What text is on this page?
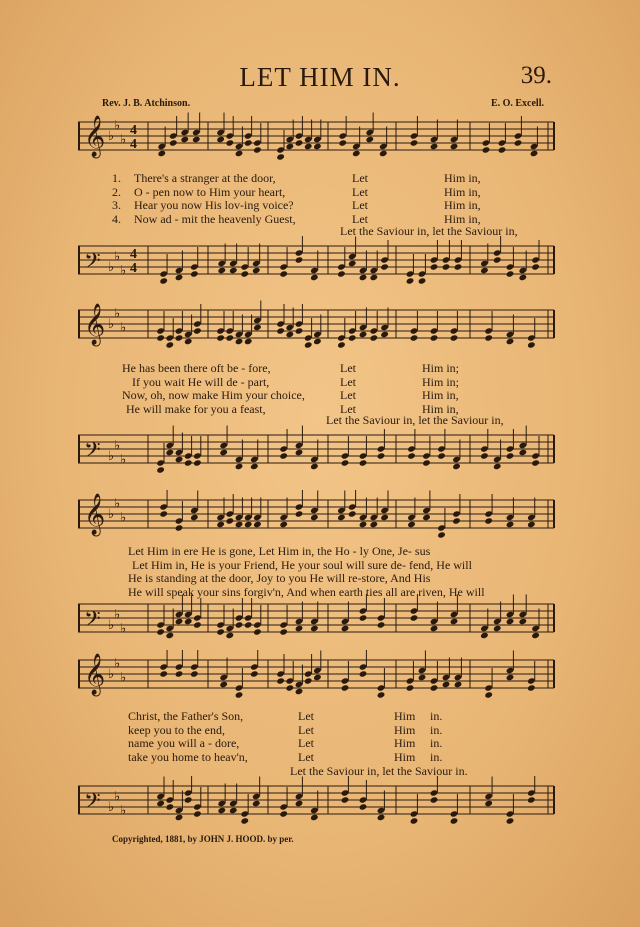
LET HIM IN.	39.
Rev. J. B. Atchinson.	E. O. Excell.
𝄞 ♭
♭
♭
4
4
1. There's a stranger at the door,	Let	Him in,
2. O - pen now to Him your heart,	Let	Him in,
3. Hear you now His lov-ing voice?	Let	Him in,
4. Now ad - mit the heavenly Guest,	Let	Him in,
Let the Saviour in, let the Saviour in,
𝄢 ♭
♭
♭
4
4
𝄞 ♭
♭
♭
He has been there oft be - fore,	Let	Him in;
If you wait He will de - part,	Let	Him in;
Now, oh, now make Him your choice,	Let	Him in,
He will make for you a feast,	Let	Him in,
Let the Saviour in, let the Saviour in,
𝄢 ♭
♭
♭
𝄞 ♭
♭
♭
Let Him in ere He is gone, Let Him in, the Ho - ly One, Je- sus
Let Him in, He is your Friend, He your soul will sure de- fend, He will
He is standing at the door, Joy to you He will re-store, And His
He will speak your sins forgiv'n, And when earth ties all are riven, He will
𝄢 ♭
♭
♭
𝄞 ♭
♭
♭
Christ, the Father's Son,	Let	Him in.
keep you to the end,	Let	Him in.
name you will a - dore,	Let	Him in.
take you home to heav'n,	Let	Him in.
Let the Saviour in, let the Saviour in.
𝄢 ♭
♭
♭
Copyrighted, 1881, by JOHN J. HOOD. by per.
